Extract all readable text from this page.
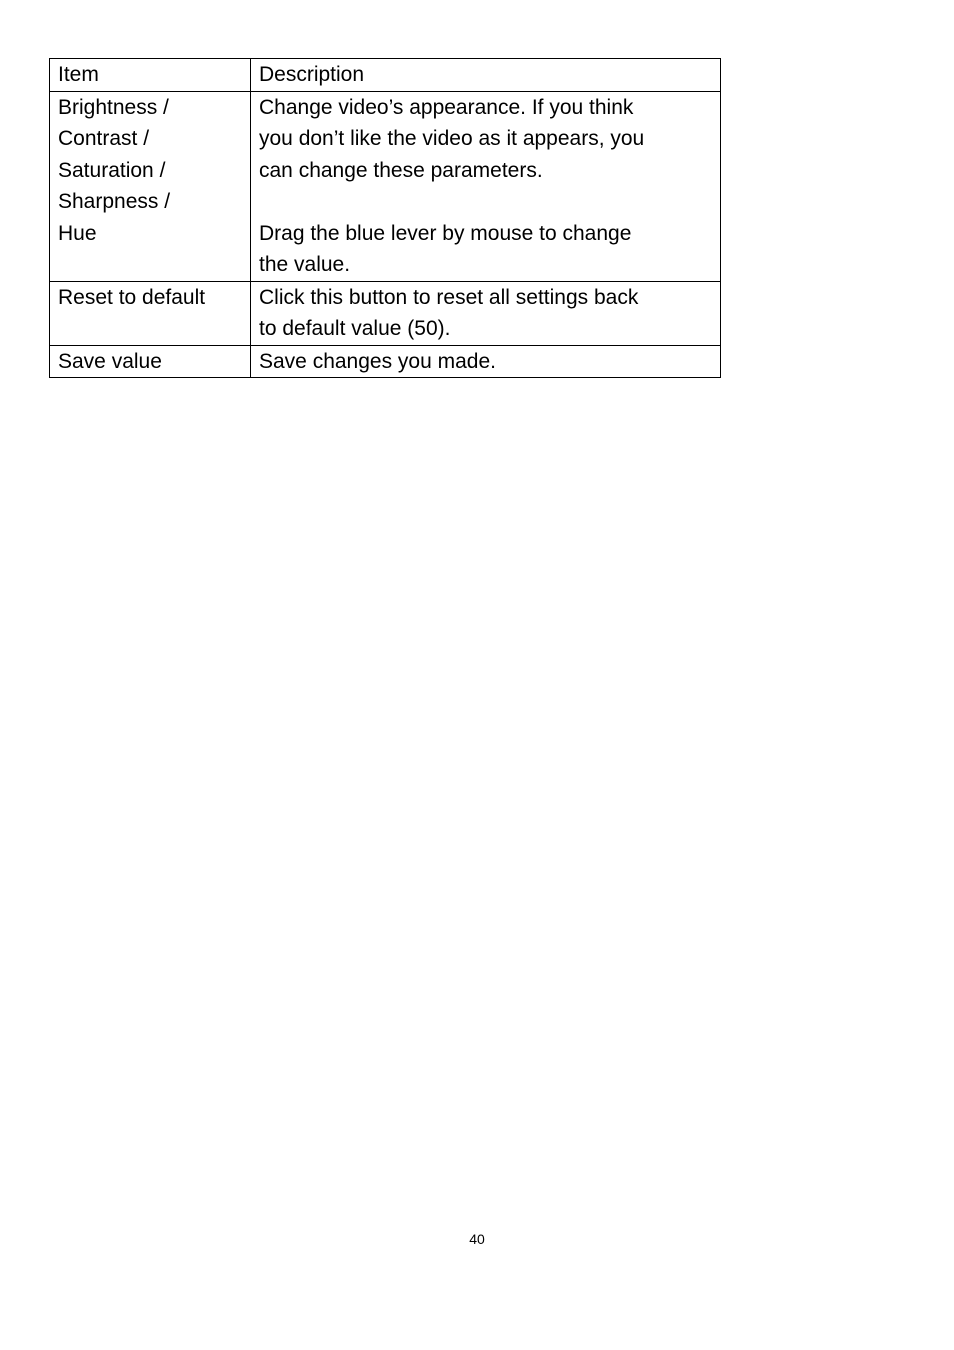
Item	Description

Brightness /
Contrast /
Saturation /
Sharpness /
Hue	Change video’s appearance. If you think
you don’t like the video as it appears, you
can change these parameters.
Drag the blue lever by mouse to change
the value.

Reset to default	Click this button to reset all settings back
to default value (50).

Save value	Save changes you made.
40
